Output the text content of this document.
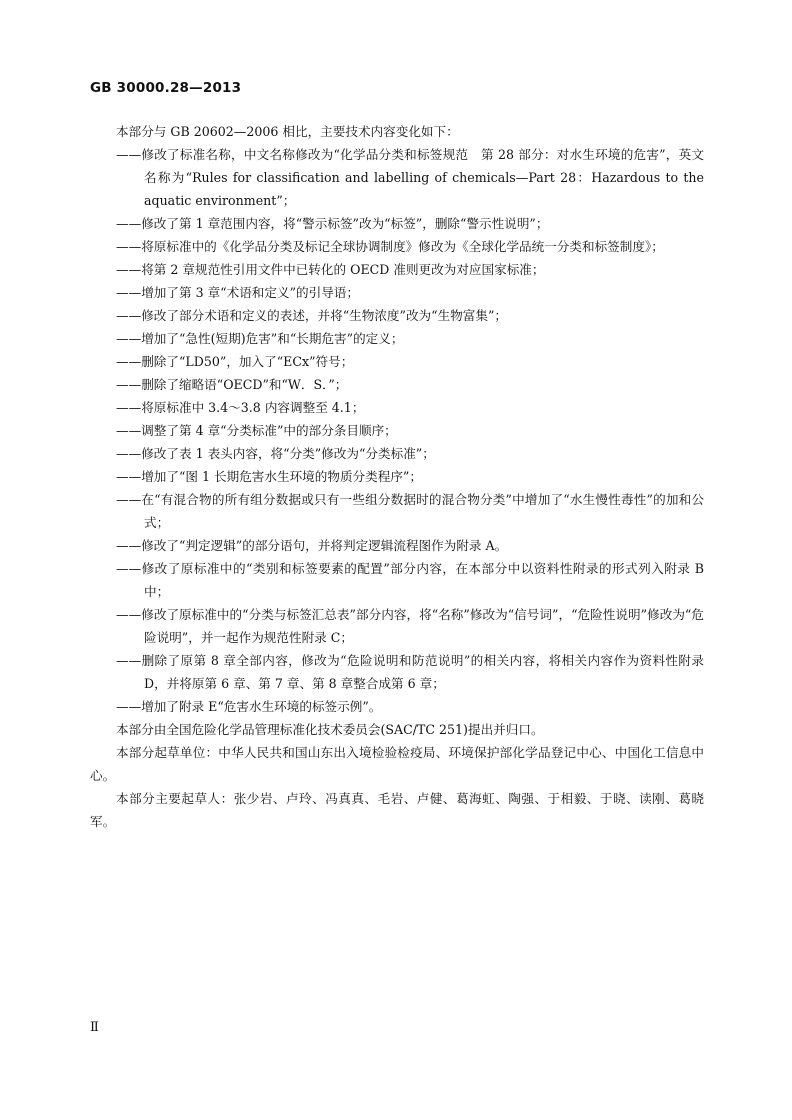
GB 30000.28—2013

本部分与 GB 20602—2006 相比，主要技术内容变化如下：

——修改了标准名称，中文名称修改为“化学品分类和标签规范　第 28 部分：对水生环境的危害”，英文名称为“Rules for classification and labelling of chemicals—Part 28：Hazardous to the aquatic environment”；

——修改了第 1 章范围内容，将“警示标签”改为“标签”，删除“警示性说明”；

——将原标准中的《化学品分类及标记全球协调制度》修改为《全球化学品统一分类和标签制度》；

——将第 2 章规范性引用文件中已转化的 OECD 准则更改为对应国家标准；

——增加了第 3 章“术语和定义”的引导语；

——修改了部分术语和定义的表述，并将“生物浓度”改为“生物富集”；

——增加了“急性(短期)危害”和“长期危害”的定义；

——删除了“LD50”，加入了“ECx”符号；

——删除了缩略语“OECD”和“W．S．”；

——将原标准中 3.4～3.8 内容调整至 4.1；

——调整了第 4 章“分类标准”中的部分条目顺序；

——修改了表 1 表头内容，将“分类”修改为“分类标准”；

——增加了“图 1 长期危害水生环境的物质分类程序”；

——在“有混合物的所有组分数据或只有一些组分数据时的混合物分类”中增加了“水生慢性毒性”的加和公式；

——修改了“判定逻辑”的部分语句，并将判定逻辑流程图作为附录 A。

——修改了原标准中的“类别和标签要素的配置”部分内容，在本部分中以资料性附录的形式列入附录 B 中；

——修改了原标准中的“分类与标签汇总表”部分内容，将“名称”修改为“信号词”，“危险性说明”修改为“危险说明”，并一起作为规范性附录 C；

——删除了原第 8 章全部内容，修改为“危险说明和防范说明”的相关内容，将相关内容作为资料性附录 D，并将原第 6 章、第 7 章、第 8 章整合成第 6 章；

——增加了附录 E“危害水生环境的标签示例”。

本部分由全国危险化学品管理标准化技术委员会(SAC/TC 251)提出并归口。

本部分起草单位：中华人民共和国山东出入境检验检疫局、环境保护部化学品登记中心、中国化工信息中心。

本部分主要起草人：张少岩、卢玲、冯真真、毛岩、卢健、葛海虹、陶强、于相毅、于晓、读刚、葛晓军。

Ⅱ
